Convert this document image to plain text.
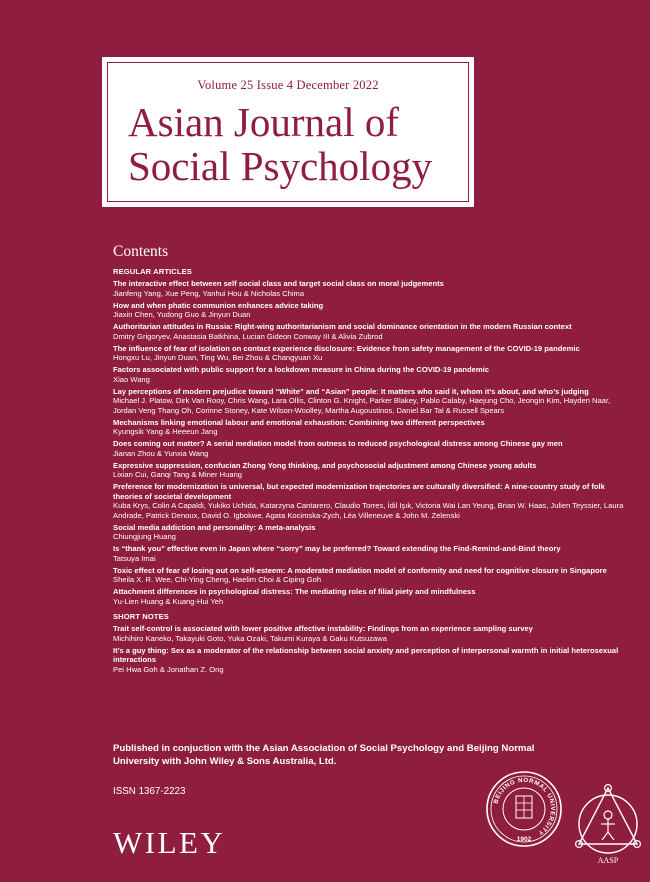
Volume 25 Issue 4 December 2022
Asian Journal of
Social Psychology
Contents
REGULAR ARTICLES
The interactive effect between self social class and target social class on moral judgements
Jianfeng Yang, Xue Peng, Yanhui Hou & Nicholas Chima
How and when phatic communion enhances advice taking
Jiaxin Chen, Yudong Guo & Jinyun Duan
Authoritarian attitudes in Russia: Right-wing authoritarianism and social dominance orientation in the modern Russian context
Dmitry Grigoryev, Anastasia Batkhina, Lucian Gideon Conway III & Alivia Zubrod
The influence of fear of isolation on contact experience disclosure: Evidence from safety management of the COVID-19 pandemic
Hongxu Lu, Jinyun Duan, Ting Wu, Bei Zhou & Changyuan Xu
Factors associated with public support for a lockdown measure in China during the COVID-19 pandemic
Xiao Wang
Lay perceptions of modern prejudice toward “White” and “Asian” people: It matters who said it, whom it’s about, and who’s judging
Michael J. Platow, Dirk Van Rooy, Chris Wang, Lara Ollis, Clinton G. Knight, Parker Blakey, Pablo Calaby, Haejung Cho, Jeongin Kim, Hayden Naar, Jordan Veng Thang Oh, Corinne Stoney, Kate Wilson-Woolley, Martha Augoustinos, Daniel Bar Tal & Russell Spears
Mechanisms linking emotional labour and emotional exhaustion: Combining two different perspectives
Kyungsik Yang & Heeeun Jang
Does coming out matter? A serial mediation model from outness to reduced psychological distress among Chinese gay men
Jianan Zhou & Yunxia Wang
Expressive suppression, confucian Zhong Yong thinking, and psychosocial adjustment among Chinese young adults
Lixian Cui, Ganqi Tang & Miner Huang
Preference for modernization is universal, but expected modernization trajectories are culturally diversified: A nine-country study of folk theories of societal development
Kuba Krys, Colin A Capaldi, Yukiko Uchida, Katarzyna Cantarero, Claudio Torres, İdil Işık, Victoria Wai Lan Yeung, Brian W. Haas, Julien Teyssier, Laura Andrade, Patrick Denoux, David O. Igbokwe, Agata Kocimska-Zych, Léa Villeneuve & John M. Zelenski
Social media addiction and personality: A meta-analysis
Chiungjung Huang
Is “thank you” effective even in Japan where “sorry” may be preferred? Toward extending the Find-Remind-and-Bind theory
Tatsuya Imai
Toxic effect of fear of losing out on self-esteem: A moderated mediation model of conformity and need for cognitive closure in Singapore
Sheila X. R. Wee, Chi-Ying Cheng, Haelim Choi & Ciping Goh
Attachment differences in psychological distress: The mediating roles of filial piety and mindfulness
Yu-Lien Huang & Kuang-Hui Yeh
SHORT NOTES
Trait self-control is associated with lower positive affective instability: Findings from an experience sampling survey
Michihiro Kaneko, Takayuki Goto, Yuka Ozaki, Takumi Kuraya & Gaku Kutsuzawa
It’s a guy thing: Sex as a moderator of the relationship between social anxiety and perception of interpersonal warmth in initial heterosexual interactions
Pei Hwa Goh & Jonathan Z. Ong
Published in conjuction with the Asian Association of Social Psychology and Beijing Normal University with John Wiley & Sons Australia, Ltd.
ISSN 1367-2223
WILEY
BEIJING NORMAL UNIVERSITY
1902
AASP
